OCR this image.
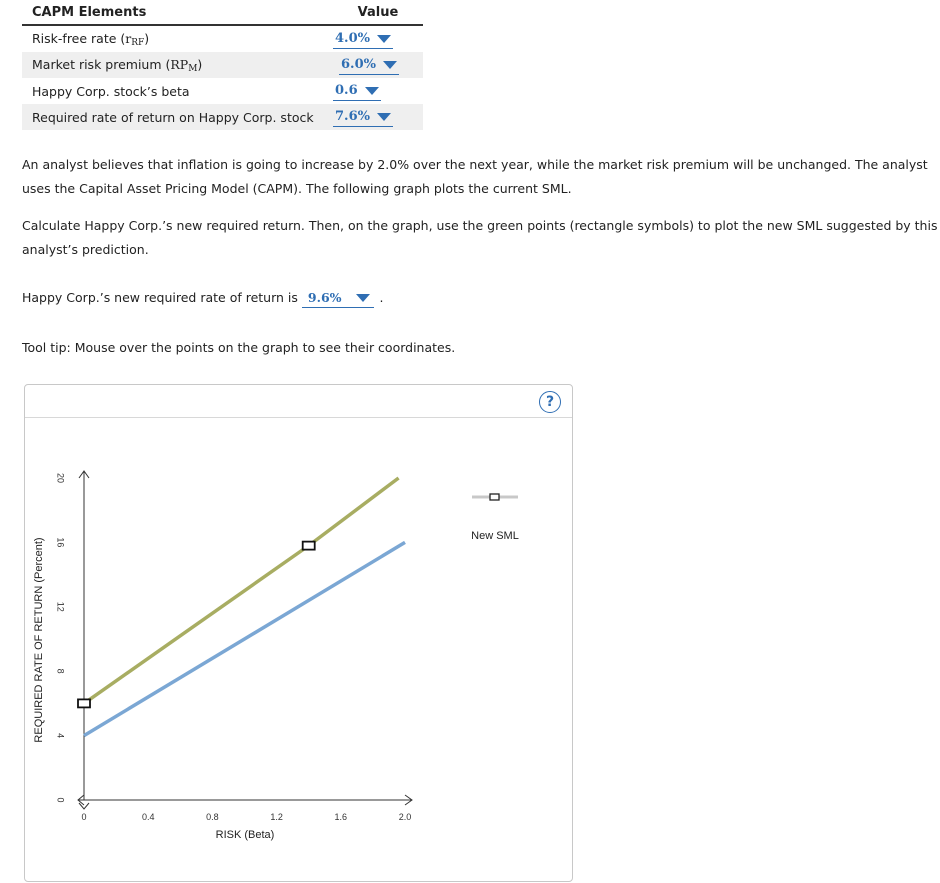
CAPM Elements	Value
Risk-free rate $(r_{RF})$	4.0%

Market risk premium $(RP_M)$	6.0%

Happy Corp. stock’s beta	0.6

Required rate of return on Happy Corp. stock	7.6%
An analyst believes that inflation is going to increase by 2.0% over the next year, while the market risk premium will be unchanged. The analyst uses the Capital Asset Pricing Model (CAPM). The following graph plots the current SML.
Calculate Happy Corp.’s new required return. Then, on the graph, use the green points (rectangle symbols) to plot the new SML suggested by this analyst’s prediction.
Happy Corp.’s new required rate of return is 9.6%	.
Tool tip: Mouse over the points on the graph to see their coordinates.
?
0	0.4	0.8	1.2	1.6	2.0
0
4
8
12
16
20
RISK (Beta)
REQUIRED RATE OF RETURN (Percent)
New SML
